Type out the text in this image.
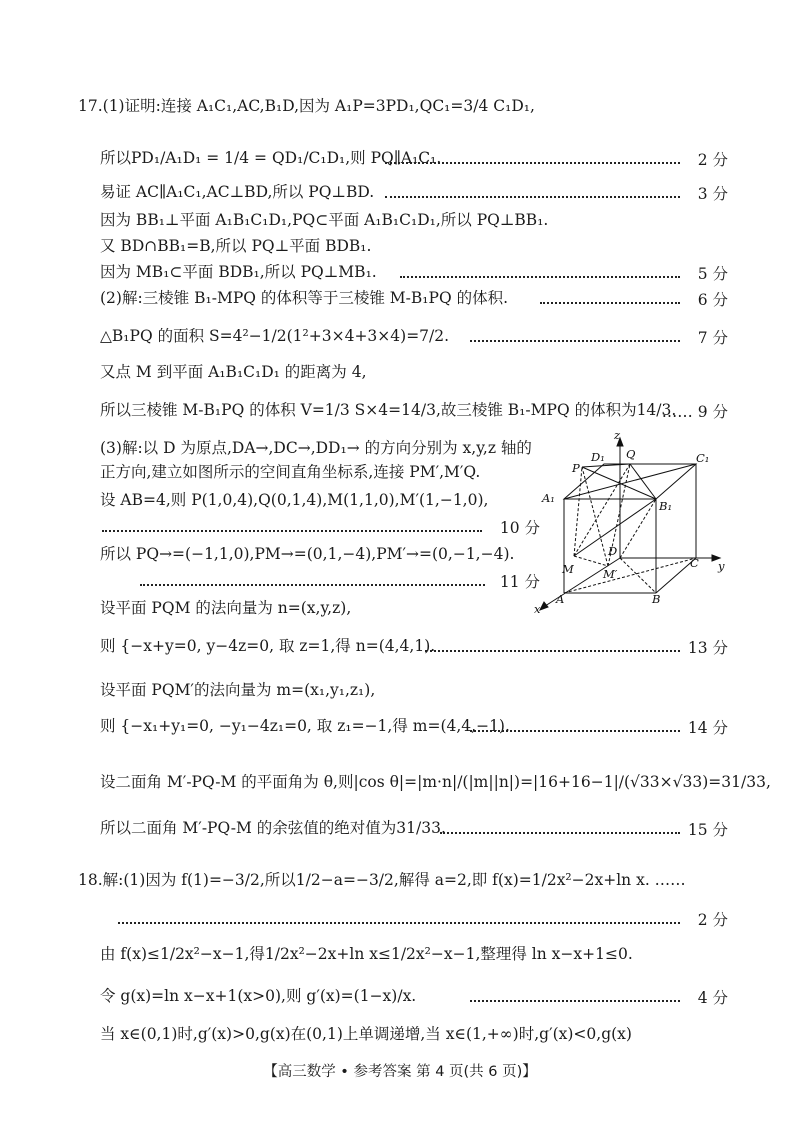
17.(1)证明:连接 A₁C₁,AC,B₁D,因为 A₁P=3PD₁,QC₁=3/4 C₁D₁,
所以PD₁/A₁D₁ = 1/4 = QD₁/C₁D₁,则 PQ∥A₁C₁.	2 分
易证 AC∥A₁C₁,AC⊥BD,所以 PQ⊥BD.	3 分
因为 BB₁⊥平面 A₁B₁C₁D₁,PQ⊂平面 A₁B₁C₁D₁,所以 PQ⊥BB₁.
又 BD∩BB₁=B,所以 PQ⊥平面 BDB₁.
因为 MB₁⊂平面 BDB₁,所以 PQ⊥MB₁.	5 分
(2)解:三棱锥 B₁-MPQ 的体积等于三棱锥 M-B₁PQ 的体积.	6 分
△B₁PQ 的面积 S=4²−1/2(1²+3×4+3×4)=7/2.	7 分
又点 M 到平面 A₁B₁C₁D₁ 的距离为 4,
所以三棱锥 M-B₁PQ 的体积 V=1/3 S×4=14/3,故三棱锥 B₁-MPQ 的体积为14/3.
…… 9 分
(3)解:以 D 为原点,DA→,DC→,DD₁→ 的方向分别为 x,y,z 轴的
正方向,建立如图所示的空间直角坐标系,连接 PM′,M′Q.
设 AB=4,则 P(1,0,4),Q(0,1,4),M(1,1,0),M′(1,−1,0),
10 分
所以 PQ→=(−1,1,0),PM→=(0,1,−4),PM′→=(0,−1,−4).
11 分
设平面 PQM 的法向量为 n=(x,y,z),
则 {−x+y=0, y−4z=0, 取 z=1,得 n=(4,4,1).	13 分
设平面 PQM′的法向量为 m=(x₁,y₁,z₁),
则 {−x₁+y₁=0, −y₁−4z₁=0, 取 z₁=−1,得 m=(4,4,−1).	14 分
设二面角 M′-PQ-M 的平面角为 θ,则|cos θ|=|m·n|/(|m||n|)=|16+16−1|/(√33×√33)=31/33,
所以二面角 M′-PQ-M 的余弦值的绝对值为31/33.	15 分
18.解:(1)因为 f(1)=−3/2,所以1/2−a=−3/2,解得 a=2,即 f(x)=1/2x²−2x+ln x. ……
2 分
由 f(x)≤1/2x²−x−1,得1/2x²−2x+ln x≤1/2x²−x−1,整理得 ln x−x+1≤0.
令 g(x)=ln x−x+1(x>0),则 g′(x)=(1−x)/x.	4 分
当 x∈(0,1)时,g′(x)>0,g(x)在(0,1)上单调递增,当 x∈(1,+∞)时,g′(x)<0,g(x)
z
y
x
A₁
B₁
C₁
D₁
P
Q
A	B
C
D
M	M′
【高三数学 • 参考答案 第 4 页(共 6 页)】
